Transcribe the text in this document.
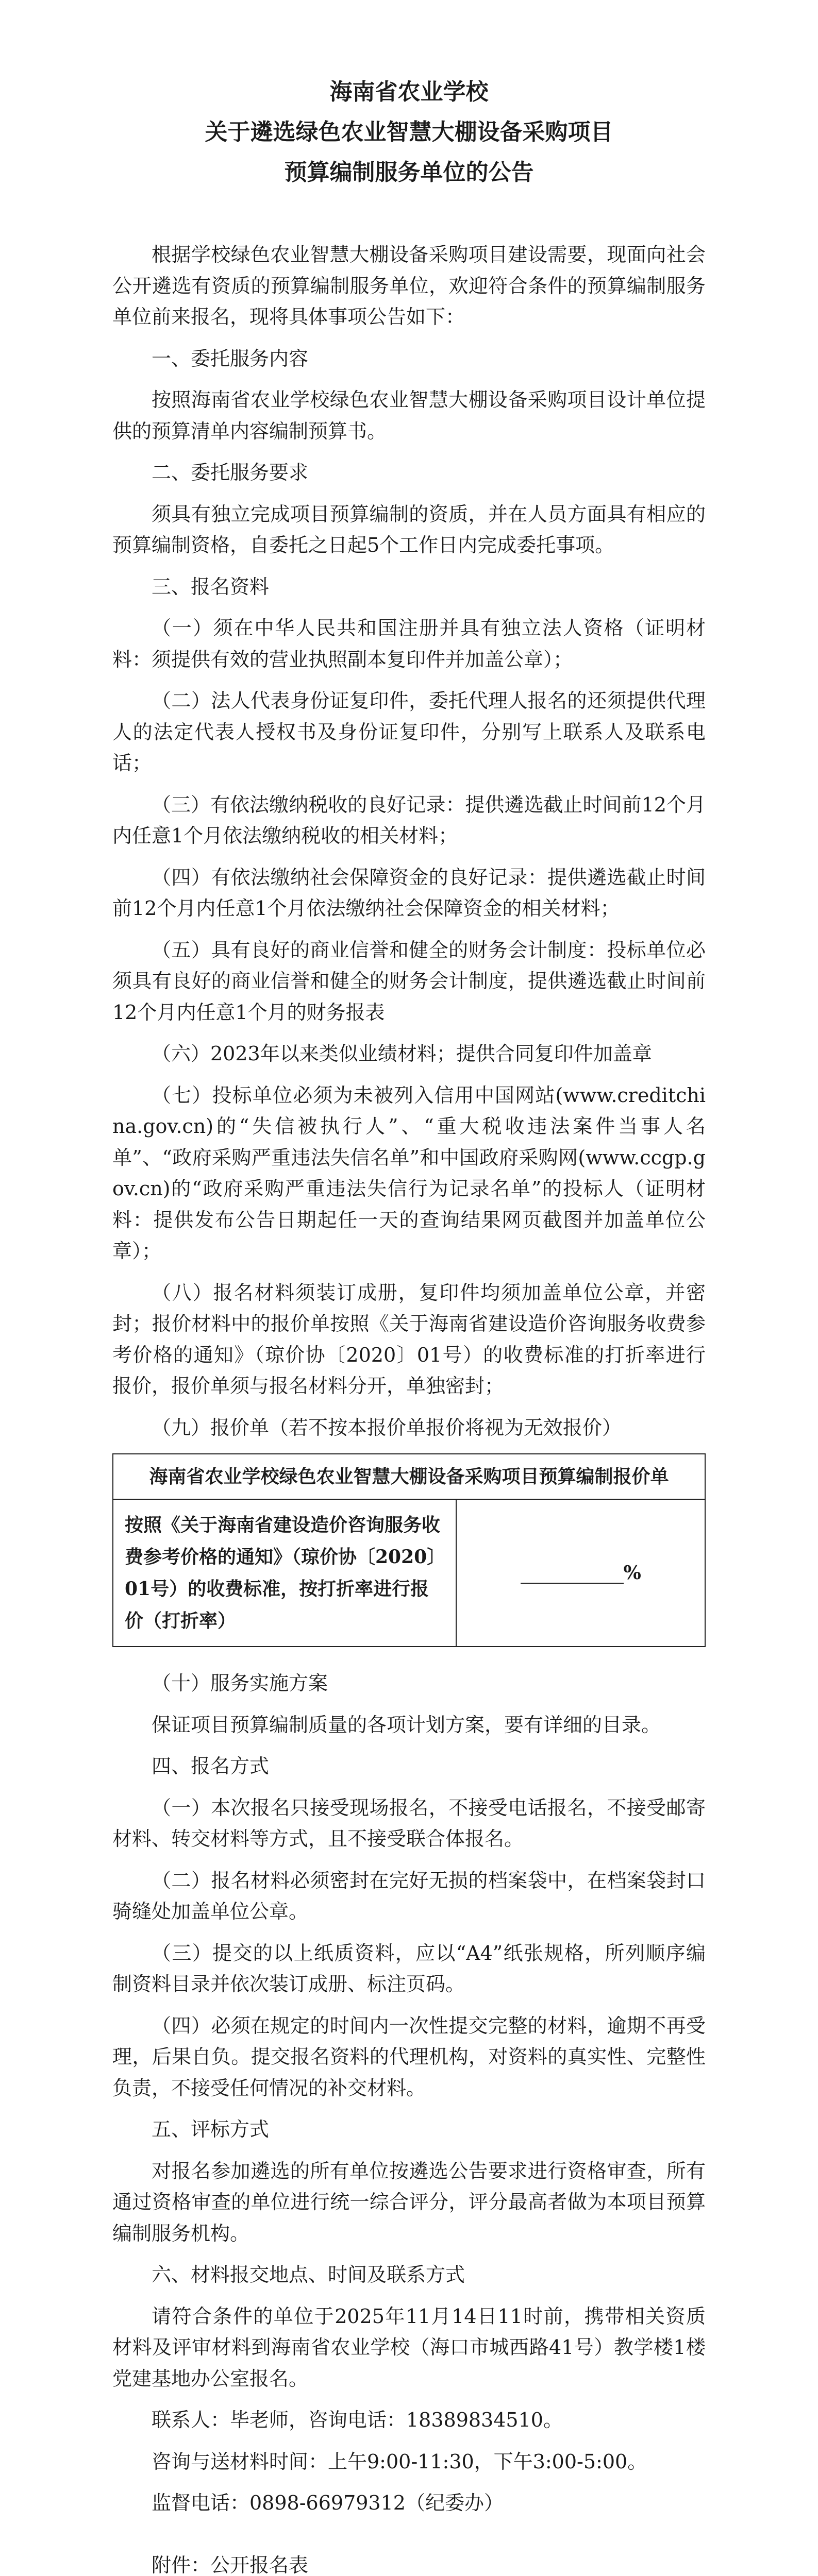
海南省农业学校

关于遴选绿色农业智慧大棚设备采购项目

预算编制服务单位的公告

根据学校绿色农业智慧大棚设备采购项目建设需要，现面向社会公开遴选有资质的预算编制服务单位，欢迎符合条件的预算编制服务单位前来报名，现将具体事项公告如下：

一、委托服务内容

按照海南省农业学校绿色农业智慧大棚设备采购项目设计单位提供的预算清单内容编制预算书。

二、委托服务要求

须具有独立完成项目预算编制的资质，并在人员方面具有相应的预算编制资格，自委托之日起5个工作日内完成委托事项。

三、报名资料

（一）须在中华人民共和国注册并具有独立法人资格（证明材料：须提供有效的营业执照副本复印件并加盖公章）；

（二）法人代表身份证复印件，委托代理人报名的还须提供代理人的法定代表人授权书及身份证复印件，分别写上联系人及联系电话；

（三）有依法缴纳税收的良好记录：提供遴选截止时间前12个月内任意1个月依法缴纳税收的相关材料；

（四）有依法缴纳社会保障资金的良好记录：提供遴选截止时间前12个月内任意1个月依法缴纳社会保障资金的相关材料；

（五）具有良好的商业信誉和健全的财务会计制度：投标单位必须具有良好的商业信誉和健全的财务会计制度，提供遴选截止时间前12个月内任意1个月的财务报表

（六）2023年以来类似业绩材料；提供合同复印件加盖章

（七）投标单位必须为未被列入信用中国网站(www.creditchina.gov.cn)的“失信被执行人”、“重大税收违法案件当事人名单”、“政府采购严重违法失信名单”和中国政府采购网(www.ccgp.gov.cn)的“政府采购严重违法失信行为记录名单”的投标人（证明材料：提供发布公告日期起任一天的查询结果网页截图并加盖单位公章）；

（八）报名材料须装订成册，复印件均须加盖单位公章，并密封；报价材料中的报价单按照《关于海南省建设造价咨询服务收费参考价格的通知》（琼价协〔2020〕01号）的收费标准的打折率进行报价，报价单须与报名材料分开，单独密封；

（九）报价单（若不按本报价单报价将视为无效报价）

海南省农业学校绿色农业智慧大棚设备采购项目预算编制报价单
按照《关于海南省建设造价咨询服务收费参考价格的通知》（琼价协〔2020〕01号）的收费标准，按打折率进行报价（打折率）	%

（十）服务实施方案

保证项目预算编制质量的各项计划方案，要有详细的目录。

四、报名方式

（一）本次报名只接受现场报名，不接受电话报名，不接受邮寄材料、转交材料等方式，且不接受联合体报名。

（二）报名材料必须密封在完好无损的档案袋中，在档案袋封口骑缝处加盖单位公章。

（三）提交的以上纸质资料，应以“A4”纸张规格，所列顺序编制资料目录并依次装订成册、标注页码。

（四）必须在规定的时间内一次性提交完整的材料，逾期不再受理，后果自负。提交报名资料的代理机构，对资料的真实性、完整性负责，不接受任何情况的补交材料。

五、评标方式

对报名参加遴选的所有单位按遴选公告要求进行资格审查，所有通过资格审查的单位进行统一综合评分，评分最高者做为本项目预算编制服务机构。

六、材料报交地点、时间及联系方式

请符合条件的单位于2025年11月14日11时前，携带相关资质材料及评审材料到海南省农业学校（海口市城西路41号）教学楼1楼党建基地办公室报名。

联系人：毕老师，咨询电话：18389834510。

咨询与送材料时间：上午9:00-11:30，下午3:00-5:00。

监督电话：0898-66979312（纪委办）

附件：公开报名表
